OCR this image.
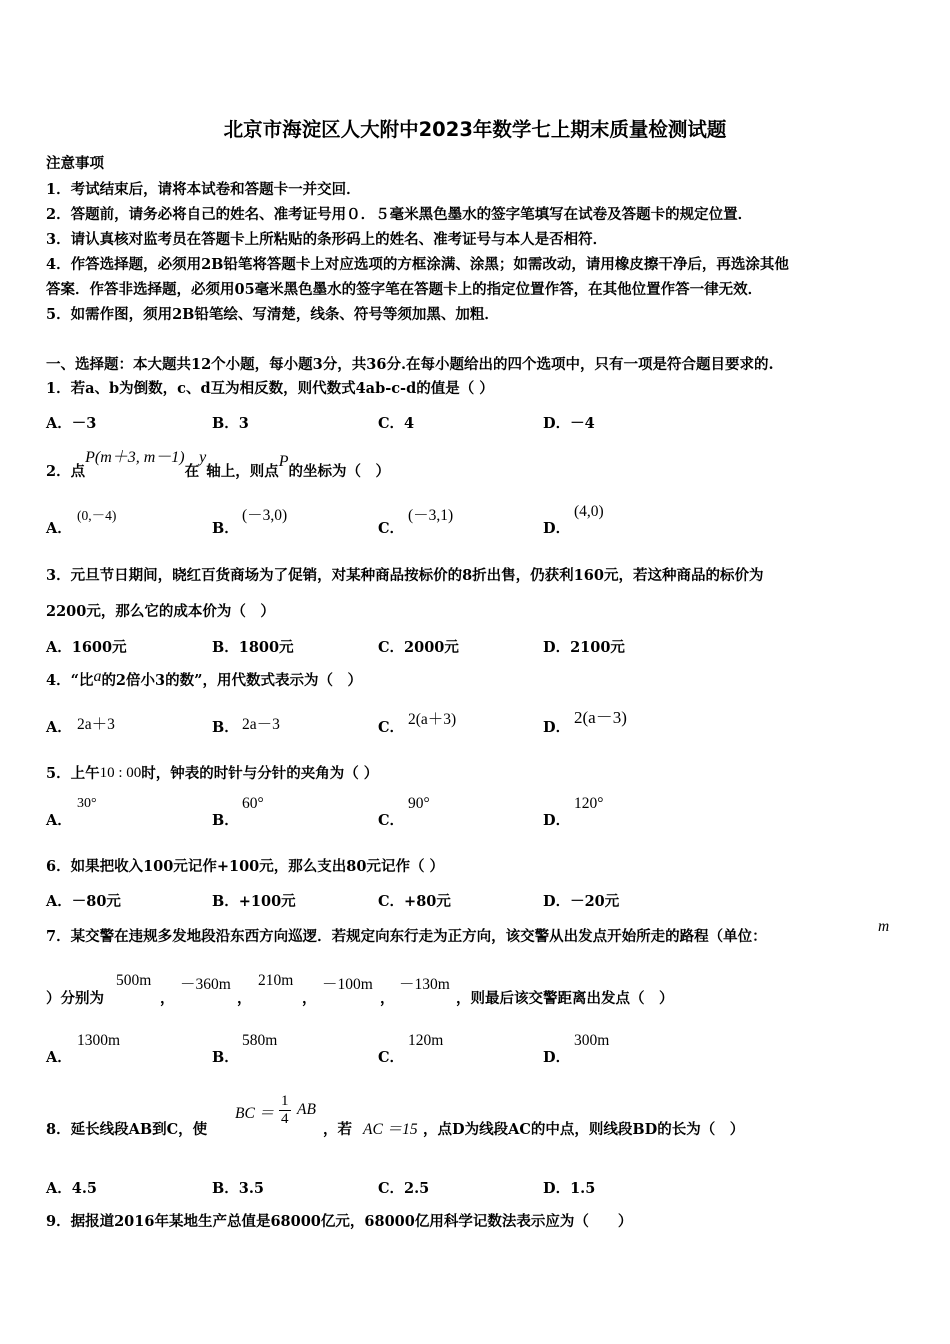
北京市海淀区人大附中2023年数学七上期末质量检测试题
注意事项
1．考试结束后，请将本试卷和答题卡一并交回．
2．答题前，请务必将自己的姓名、准考证号用０．５毫米黑色墨水的签字笔填写在试卷及答题卡的规定位置．
3．请认真核对监考员在答题卡上所粘贴的条形码上的姓名、准考证号与本人是否相符．
4．作答选择题，必须用2B铅笔将答题卡上对应选项的方框涂满、涂黑；如需改动，请用橡皮擦干净后，再选涂其他
答案．作答非选择题，必须用05毫米黑色墨水的签字笔在答题卡上的指定位置作答，在其他位置作答一律无效．
5．如需作图，须用2B铅笔绘、写清楚，线条、符号等须加黑、加粗．
一、选择题：本大题共12个小题，每小题3分，共36分.在每小题给出的四个选项中，只有一项是符合题目要求的.
1．若a、b为倒数，c、d互为相反数，则代数式4ab-c-d的值是（ ）
A．－3	B．3	C．4	D．－4
2．点P(m＋3, m－1)在y轴上，则点P的坐标为（　）
A．
(0,－4)
B．
(－3,0)
C．
(－3,1)
D．
(4,0)
3．元旦节日期间，晓红百货商场为了促销，对某种商品按标价的8折出售，仍获利160元，若这种商品的标价为
2200元，那么它的成本价为（　）
A．1600元	B．1800元	C．2000元	D．2100元
4．“比a的2倍小3的数”，用代数式表示为（　）
A． 2a＋3	B． 2a－3	C． 2(a＋3)	D．
2(a－3)
5．上午10 : 00时，钟表的时针与分针的夹角为（ ）
A．
30°
B．
60°
C．
90°
D．
120°
6．如果把收入100元记作+100元，那么支出80元记作（ ）
A．－80元	B．+100元	C．+80元	D．－20元
7．某交警在违规多发地段沿东西方向巡逻．若规定向东行走为正方向，该交警从出发点开始所走的路程（单位：
m
）分别为
500m
，
－360m
，
210m
，
－100m
，
－130m
，则最后该交警距离出发点（　）
A．
1300m
B．
580m
C．
120m
D．
300m
8．延长线段AB到C，使
BC ＝ $\frac{1}{4}$ AB
，若 AC ＝15 ，点D为线段AC的中点，则线段BD的长为（　）
A．4.5	B．3.5	C．2.5	D．1.5
9．据报道2016年某地生产总值是68000亿元，68000亿用科学记数法表示应为（　　）
